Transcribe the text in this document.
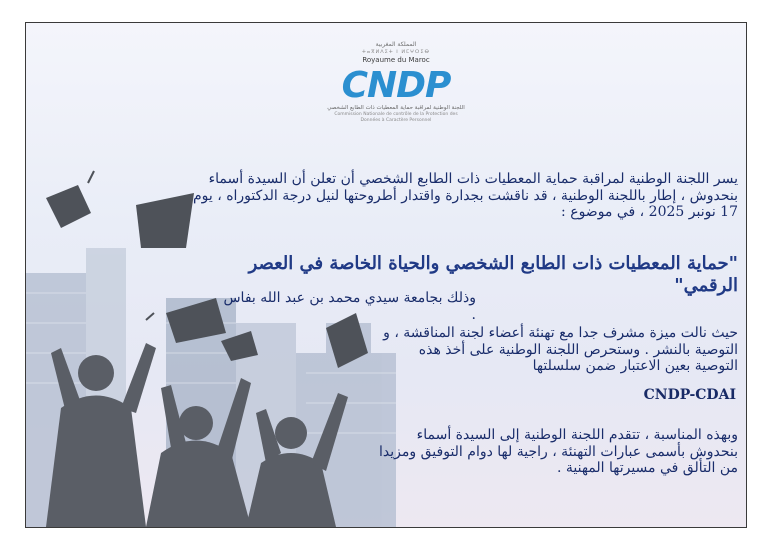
المملكة المغربية

ⵜⴰⴳⵍⴷⵉⵜ ⵏ ⵍⵎⵖⵔⵉⴱ

Royaume du Maroc

CNDP

اللجنة الوطنية لمراقبة حماية المعطيات ذات الطابع الشخصي

Commission Nationale de contrôle de la Protection des Données à Caractère Personnel

يسر اللجنة الوطنية لمراقبة حماية المعطيات ذات الطابع الشخصي أن تعلن أن السيدة أسماء بنحدوش ، إطار باللجنة الوطنية ، قد ناقشت بجدارة واقتدار أطروحتها لنيل درجة الدكتوراه ، يوم 17 نونبر 2025 ، في موضوع :
"حماية المعطيات ذات الطابع الشخصي والحياة الخاصة في العصر الرقمي"
وذلك بجامعة سيدي محمد بن عبد الله بفاس .
حيث نالت ميزة مشرف جدا مع تهنئة أعضاء لجنة المناقشة ، و التوصية بالنشر . وستحرص اللجنة الوطنية على أخذ هذه التوصية بعين الاعتبار ضمن سلسلتها
CNDP-CDAI
وبهذه المناسبة ، تتقدم اللجنة الوطنية إلى السيدة أسماء بنحدوش بأسمى عبارات التهنئة ، راجية لها دوام التوفيق ومزيدا من التألق في مسيرتها المهنية .
